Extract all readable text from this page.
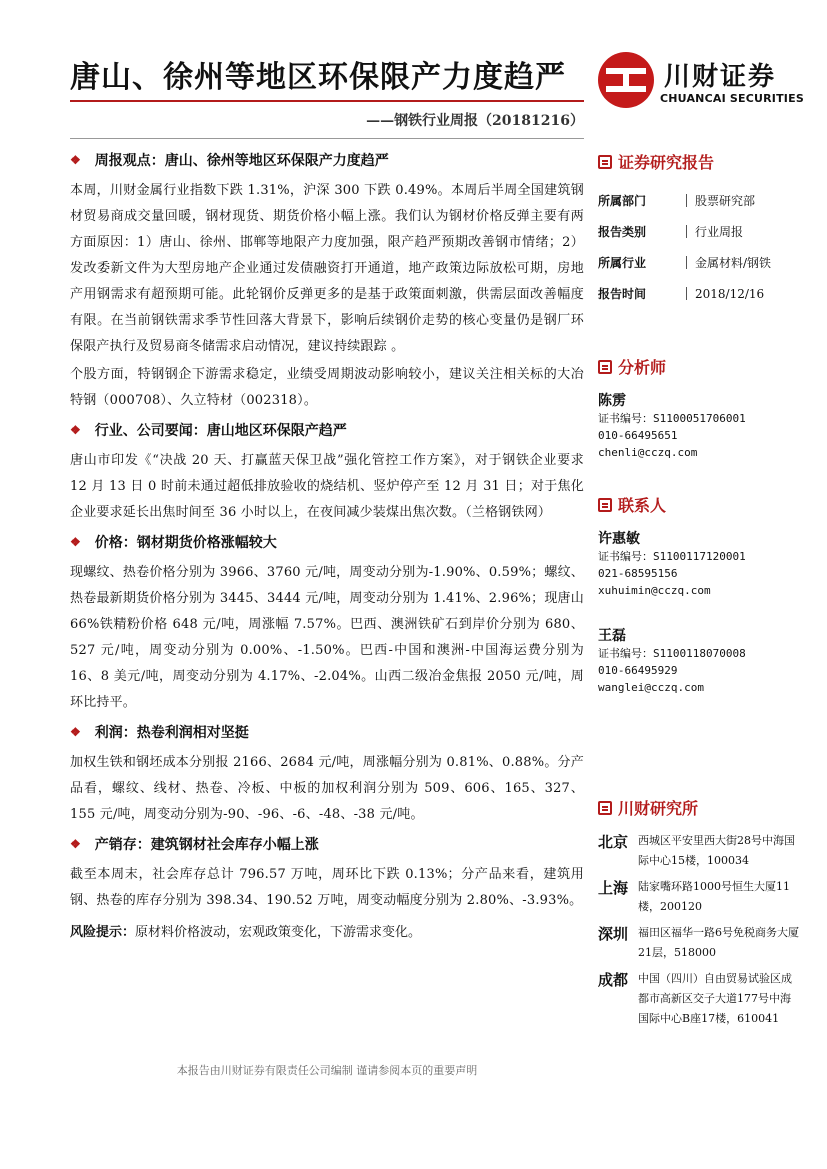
唐山、徐州等地区环保限产力度趋严
——钢铁行业周报（20181216）
川财证券
CHUANCAI SECURITIES
❖ 周报观点：唐山、徐州等地区环保限产力度趋严

本周，川财金属行业指数下跌 1.31%，沪深 300 下跌 0.49%。本周后半周全国建筑钢材贸易商成交量回暖，钢材现货、期货价格小幅上涨。我们认为钢材价格反弹主要有两方面原因：1）唐山、徐州、邯郸等地限产力度加强，限产趋严预期改善钢市情绪；2）发改委新文件为大型房地产企业通过发债融资打开通道，地产政策边际放松可期，房地产用钢需求有超预期可能。此轮钢价反弹更多的是基于政策面刺激，供需层面改善幅度有限。在当前钢铁需求季节性回落大背景下，影响后续钢价走势的核心变量仍是钢厂环保限产执行及贸易商冬储需求启动情况，建议持续跟踪 。

个股方面，特钢钢企下游需求稳定，业绩受周期波动影响较小，建议关注相关标的大冶特钢（000708）、久立特材（002318）。

❖ 行业、公司要闻：唐山地区环保限产趋严

唐山市印发《“决战 20 天、打赢蓝天保卫战”强化管控工作方案》，对于钢铁企业要求 12 月 13 日 0 时前未通过超低排放验收的烧结机、竖炉停产至 12 月 31 日；对于焦化企业要求延长出焦时间至 36 小时以上，在夜间减少装煤出焦次数。（兰格钢铁网）

❖ 价格：钢材期货价格涨幅较大

现螺纹、热卷价格分别为 3966、3760 元/吨，周变动分别为-1.90%、0.59%；螺纹、热卷最新期货价格分别为 3445、3444 元/吨，周变动分别为 1.41%、2.96%；现唐山 66%铁精粉价格 648 元/吨，周涨幅 7.57%。巴西、澳洲铁矿石到岸价分别为 680、527 元/吨，周变动分别为 0.00%、-1.50%。巴西-中国和澳洲-中国海运费分别为 16、8 美元/吨，周变动分别为 4.17%、-2.04%。山西二级冶金焦报 2050 元/吨，周环比持平。

❖ 利润：热卷利润相对坚挺

加权生铁和钢坯成本分别报 2166、2684 元/吨，周涨幅分别为 0.81%、0.88%。分产品看，螺纹、线材、热卷、冷板、中板的加权利润分别为 509、606、165、327、155 元/吨，周变动分别为-90、-96、-6、-48、-38 元/吨。

❖ 产销存：建筑钢材社会库存小幅上涨

截至本周末，社会库存总计 796.57 万吨，周环比下跌 0.13%；分产品来看，建筑用钢、热卷的库存分别为 398.34、190.52 万吨，周变动幅度分别为 2.80%、-3.93%。

风险提示：原材料价格波动，宏观政策变化，下游需求变化。
本报告由川财证券有限责任公司编制 谨请参阅本页的重要声明
证券研究报告
所属部门	股票研究部
报告类别	行业周报
所属行业	金属材料/钢铁
报告时间	2018/12/16
分析师
陈雳
证书编号：S1100051706001
010-66495651
chenli@cczq.com
联系人
许惠敏
证书编号：S1100117120001
021-68595156
xuhuimin@cczq.com
王磊
证书编号：S1100118070008
010-66495929
wanglei@cczq.com
川财研究所
北京 西城区平安里西大街28号中海国际中心15楼，100034
上海 陆家嘴环路1000号恒生大厦11楼，200120
深圳 福田区福华一路6号免税商务大厦21层，518000
成都 中国（四川）自由贸易试验区成都市高新区交子大道177号中海国际中心B座17楼，610041
